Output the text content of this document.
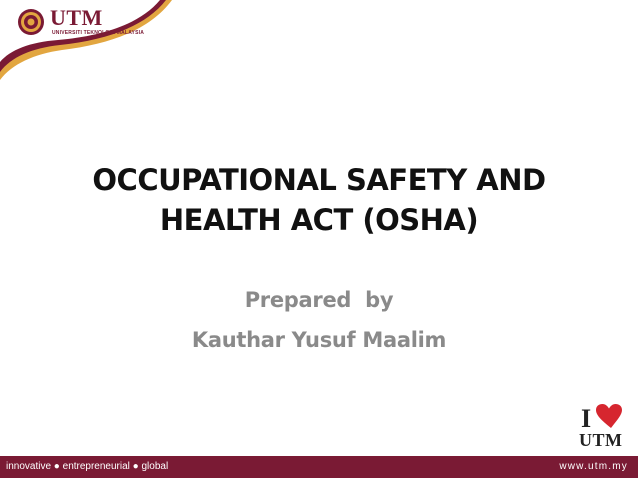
UTM
UNIVERSITI TEKNOLOGI MALAYSIA
OCCUPATIONAL SAFETY AND
HEALTH ACT (OSHA)
Prepared  by
Kauthar Yusuf Maalim
I
UTM
innovative ● entrepreneurial ● global	www.utm.my
